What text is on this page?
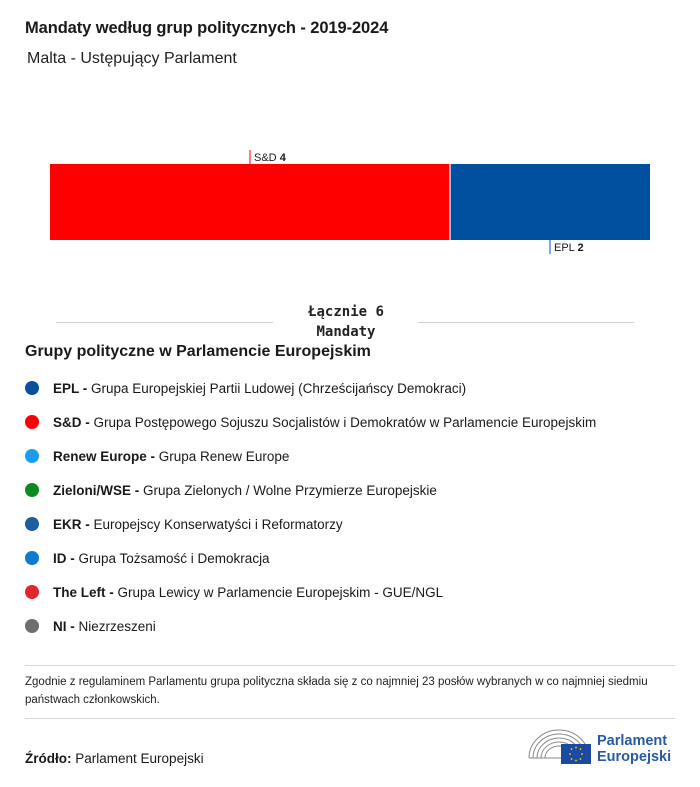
Mandaty według grup politycznych - 2019-2024
Malta - Ustępujący Parlament
S&D 4
EPL 2
Łącznie 6
Mandaty
Grupy polityczne w Parlamencie Europejskim
EPL - Grupa Europejskiej Partii Ludowej (Chrześcijańscy Demokraci)
S&D - Grupa Postępowego Sojuszu Socjalistów i Demokratów w Parlamencie Europejskim
Renew Europe - Grupa Renew Europe
Zieloni/WSE - Grupa Zielonych / Wolne Przymierze Europejskie
EKR - Europejscy Konserwatyści i Reformatorzy
ID - Grupa Tożsamość i Demokracja
The Left - Grupa Lewicy w Parlamencie Europejskim - GUE/NGL
NI - Niezrzeszeni
Zgodnie z regulaminem Parlamentu grupa polityczna składa się z co najmniej 23 posłów wybranych w co najmniej siedmiu państwach członkowskich.
Źródło: Parlament Europejski
Parlament
Europejski
